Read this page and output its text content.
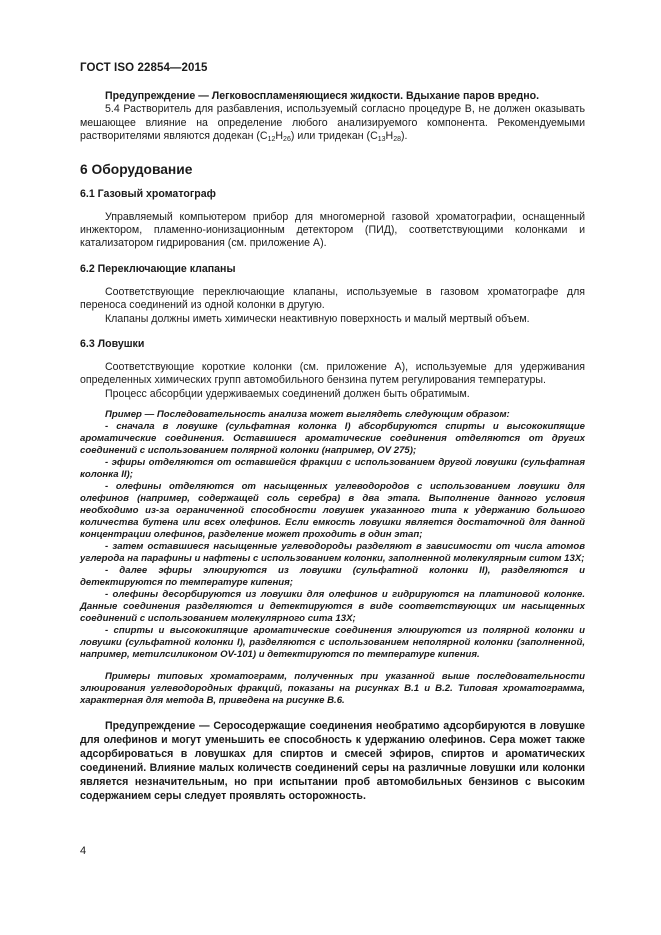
ГОСТ ISO 22854—2015

Предупреждение — Легковоспламеняющиеся жидкости. Вдыхание паров вредно.

5.4 Растворитель для разбавления, используемый согласно процедуре В, не должен оказывать мешающее влияние на определение любого анализируемого компонента. Рекомендуемыми растворителями являются додекан $(C_{12}H_{26})$ или тридекан $(C_{13}H_{28})$.

6 Оборудование
6.1 Газовый хроматограф

Управляемый компьютером прибор для многомерной газовой хроматографии, оснащенный инжектором, пламенно-ионизационным детектором (ПИД), соответствующими колонками и катализатором гидрирования (см. приложение А).

6.2 Переключающие клапаны

Соответствующие переключающие клапаны, используемые в газовом хроматографе для переноса соединений из одной колонки в другую.

Клапаны должны иметь химически неактивную поверхность и малый мертвый объем.

6.3 Ловушки

Соответствующие короткие колонки (см. приложение А), используемые для удерживания определенных химических групп автомобильного бензина путем регулирования температуры.

Процесс абсорбции удерживаемых соединений должен быть обратимым.

Пример — Последовательность анализа может выглядеть следующим образом:

- сначала в ловушке (сульфатная колонка I) абсорбируются спирты и высококипящие ароматические соединения. Оставшиеся ароматические соединения отделяются от других соединений с использованием полярной колонки (например, OV 275);

- эфиры отделяются от оставшейся фракции с использованием другой ловушки (сульфатная колонка II);

- олефины отделяются от насыщенных углеводородов с использованием ловушки для олефинов (например, содержащей соль серебра) в два этапа. Выполнение данного условия необходимо из-за ограниченной способности ловушек указанного типа к удержанию большого количества бутена или всех олефинов. Если емкость ловушки является достаточной для данной концентрации олефинов, разделение может проходить в один этап;

- затем оставшиеся насыщенные углеводороды разделяют в зависимости от числа атомов углерода на парафины и нафтены с использованием колонки, заполненной молекулярным ситом 13X;

- далее эфиры элюируются из ловушки (сульфатной колонки II), разделяются и детектируются по температуре кипения;

- олефины десорбируются из ловушки для олефинов и гидрируются на платиновой колонке. Данные соединения разделяются и детектируются в виде соответствующих им насыщенных соединений с использованием молекулярного сита 13X;

- спирты и высококипящие ароматические соединения элюируются из полярной колонки и ловушки (сульфатной колонки I), разделяются с использованием неполярной колонки (заполненной, например, метилсиликоном OV-101) и детектируются по температуре кипения.

Примеры типовых хроматограмм, полученных при указанной выше последовательности элюирования углеводородных фракций, показаны на рисунках В.1 и В.2. Типовая хроматограмма, характерная для метода В, приведена на рисунке В.6.

Предупреждение — Серосодержащие соединения необратимо адсорбируются в ловушке для олефинов и могут уменьшить ее способность к удержанию олефинов. Сера может также адсорбироваться в ловушках для спиртов и смесей эфиров, спиртов и ароматических соединений. Влияние малых количеств соединений серы на различные ловушки или колонки является незначительным, но при испытании проб автомобильных бензинов с высоким содержанием серы следует проявлять осторожность.

4
